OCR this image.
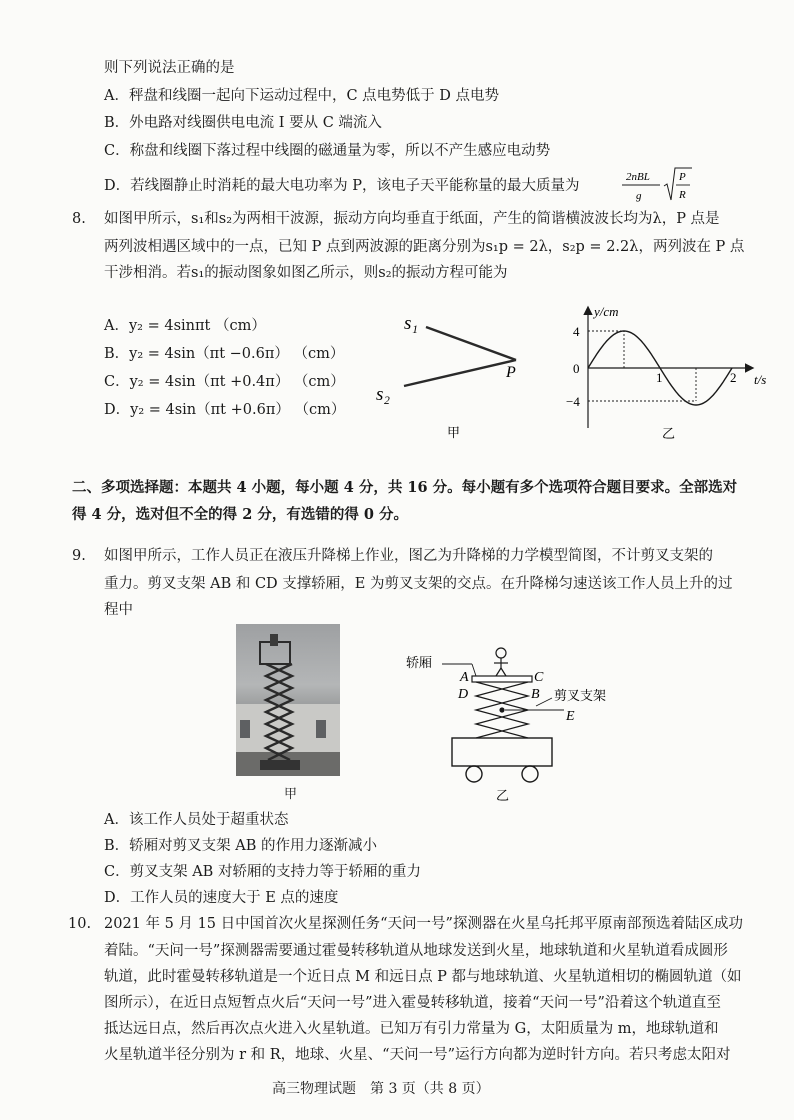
则下列说法正确的是
A．秤盘和线圈一起向下运动过程中，C 点电势低于 D 点电势
B．外电路对线圈供电电流 I 要从 C 端流入
C．称盘和线圈下落过程中线圈的磁通量为零，所以不产生感应电动势
D．若线圈静止时消耗的最大电功率为 P，该电子天平能称量的最大质量为
2nBL
g
P
R
8. 如图甲所示，s₁和s₂为两相干波源，振动方向均垂直于纸面，产生的简谐横波波长均为λ，P 点是
两列波相遇区域中的一点，已知 P 点到两波源的距离分别为s₁p = 2λ，s₂p = 2.2λ，两列波在 P 点
干涉相消。若s₁的振动图象如图乙所示，则s₂的振动方程可能为
A．y₂ = 4sinπt （cm）
B．y₂ = 4sin（πt −0.6π） （cm）
C．y₂ = 4sin（πt +0.4π） （cm）
D．y₂ = 4sin（πt +0.6π） （cm）
s₁
s₂
P
甲
y/cm
t/s
4
0
−4
1	2
乙
二、多项选择题：本题共 4 小题，每小题 4 分，共 16 分。每小题有多个选项符合题目要求。全部选对
得 4 分，选对但不全的得 2 分，有选错的得 0 分。
9. 如图甲所示，工作人员正在液压升降梯上作业，图乙为升降梯的力学模型简图，不计剪叉支架的
重力。剪叉支架 AB 和 CD 支撑轿厢，E 为剪叉支架的交点。在升降梯匀速送该工作人员上升的过
程中
甲
轿厢
A	C
D	B 剪叉支架
E
乙
A．该工作人员处于超重状态
B．轿厢对剪叉支架 AB 的作用力逐渐减小
C．剪叉支架 AB 对轿厢的支持力等于轿厢的重力
D．工作人员的速度大于 E 点的速度
10. 2021 年 5 月 15 日中国首次火星探测任务“天问一号”探测器在火星乌托邦平原南部预选着陆区成功
着陆。“天问一号”探测器需要通过霍曼转移轨道从地球发送到火星，地球轨道和火星轨道看成圆形
轨道，此时霍曼转移轨道是一个近日点 M 和远日点 P 都与地球轨道、火星轨道相切的椭圆轨道（如
图所示），在近日点短暂点火后“天问一号”进入霍曼转移轨道，接着“天问一号”沿着这个轨道直至
抵达远日点，然后再次点火进入火星轨道。已知万有引力常量为 G，太阳质量为 m，地球轨道和
火星轨道半径分别为 r 和 R，地球、火星、“天问一号”运行方向都为逆时针方向。若只考虑太阳对
高三物理试题　第 3 页（共 8 页）
